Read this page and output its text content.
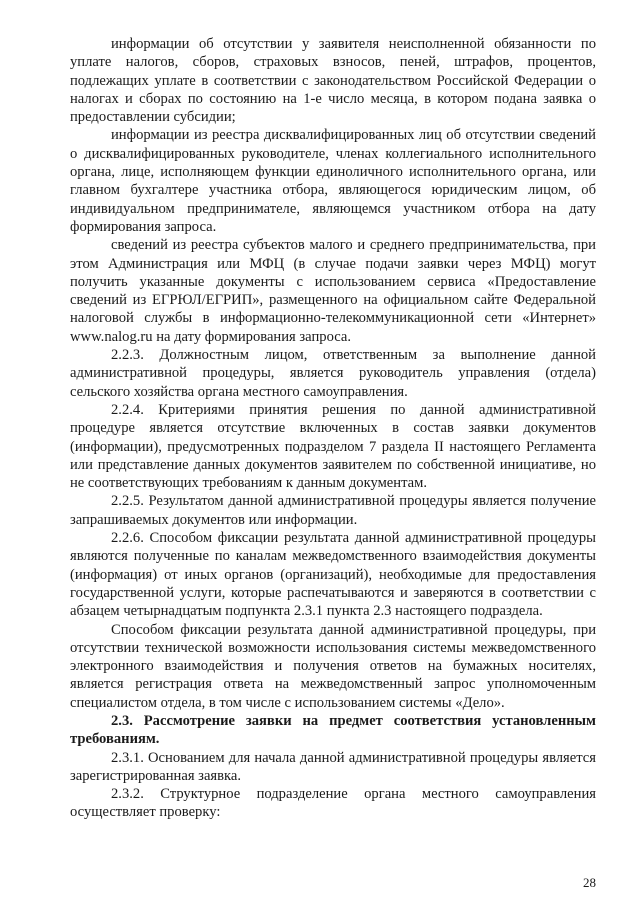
информации об отсутствии у заявителя неисполненной обязанности по уплате налогов, сборов, страховых взносов, пеней, штрафов, процентов, подлежащих уплате в соответствии с законодательством Российской Федерации о налогах и сборах по состоянию на 1-е число месяца, в котором подана заявка о предоставлении субсидии;

информации из реестра дисквалифицированных лиц об отсутствии сведений о дисквалифицированных руководителе, членах коллегиального исполнительного органа, лице, исполняющем функции единоличного исполнительного органа, или главном бухгалтере участника отбора, являющегося юридическим лицом, об индивидуальном предпринимателе, являющемся участником отбора на дату формирования запроса.

сведений из реестра субъектов малого и среднего предпринимательства, при этом Администрация или МФЦ (в случае подачи заявки через МФЦ) могут получить указанные документы с использованием сервиса «Предоставление сведений из ЕГРЮЛ/ЕГРИП», размещенного на официальном сайте Федеральной налоговой службы в информационно-телекоммуникационной сети «Интернет» www.nalog.ru на дату формирования запроса.

2.2.3. Должностным лицом, ответственным за выполнение данной административной процедуры, является руководитель управления (отдела) сельского хозяйства органа местного самоуправления.

2.2.4. Критериями принятия решения по данной административной процедуре является отсутствие включенных в состав заявки документов (информации), предусмотренных подразделом 7 раздела II настоящего Регламента или представление данных документов заявителем по собственной инициативе, но не соответствующих требованиям к данным документам.

2.2.5. Результатом данной административной процедуры является получение запрашиваемых документов или информации.

2.2.6. Способом фиксации результата данной административной процедуры являются полученные по каналам межведомственного взаимодействия документы (информация) от иных органов (организаций), необходимые для предоставления государственной услуги, которые распечатываются и заверяются в соответствии с абзацем четырнадцатым подпункта 2.3.1 пункта 2.3 настоящего подраздела.

Способом фиксации результата данной административной процедуры, при отсутствии технической возможности использования системы межведомственного электронного взаимодействия и получения ответов на бумажных носителях, является регистрация ответа на межведомственный запрос уполномоченным специалистом отдела, в том числе с использованием системы «Дело».

2.3. Рассмотрение заявки на предмет соответствия установленным требованиям.

2.3.1. Основанием для начала данной административной процедуры является зарегистрированная заявка.

2.3.2. Структурное подразделение органа местного самоуправления осуществляет проверку:

28
